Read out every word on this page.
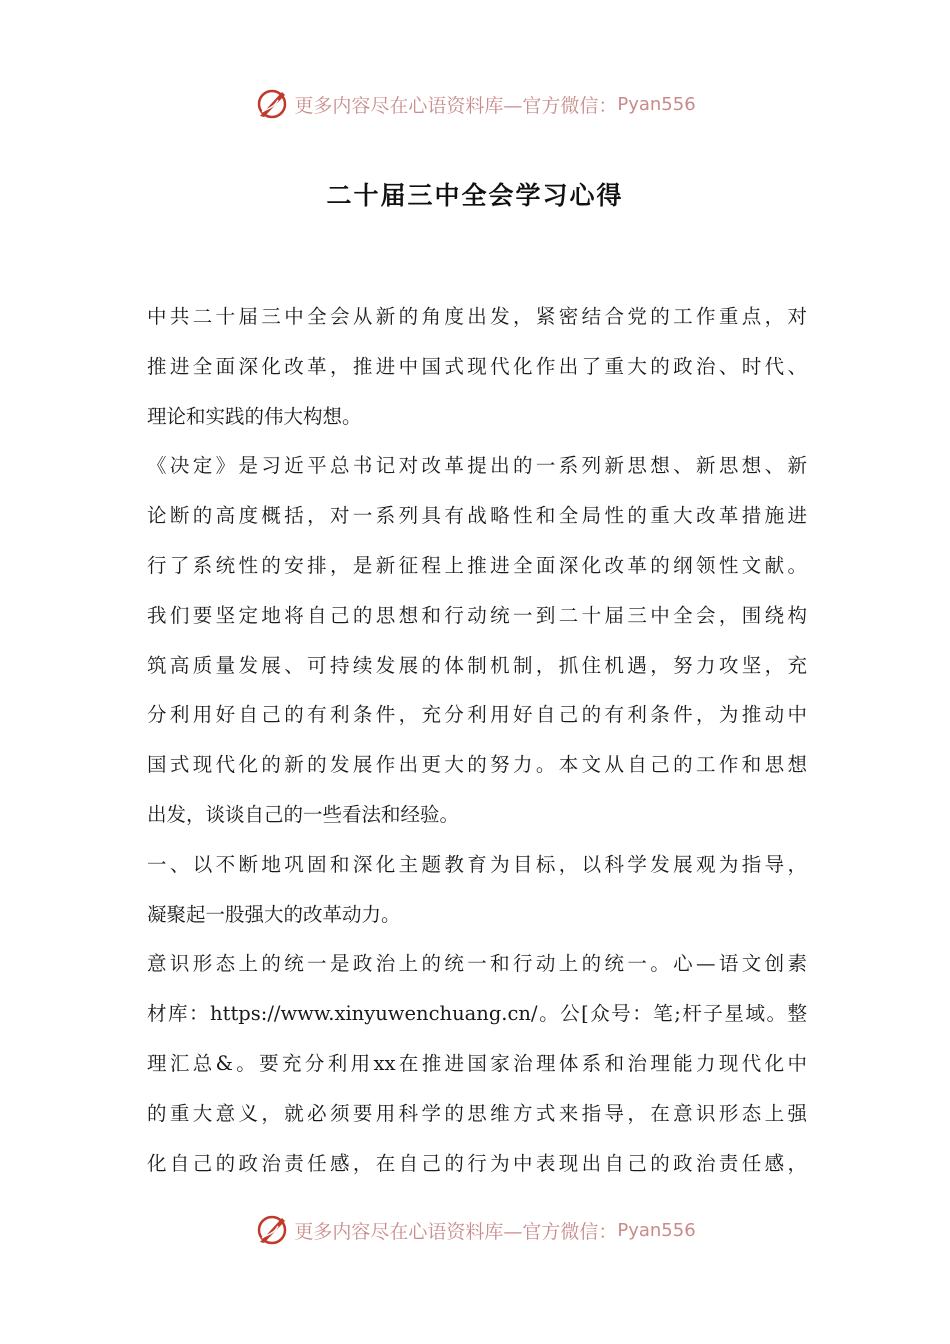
更多内容尽在心语资料库—官方微信： Pyan556
二十届三中全会学习心得
中共二十届三中全会从新的角度出发，紧密结合党的工作重点，对
推进全面深化改革，推进中国式现代化作出了重大的政治、时代、
理论和实践的伟大构想。
《决定》是习近平总书记对改革提出的一系列新思想、新思想、新
论断的高度概括，对一系列具有战略性和全局性的重大改革措施进
行了系统性的安排，是新征程上推进全面深化改革的纲领性文献。
我们要坚定地将自己的思想和行动统一到二十届三中全会，围绕构
筑高质量发展、可持续发展的体制机制，抓住机遇，努力攻坚，充
分利用好自己的有利条件，充分利用好自己的有利条件，为推动中
国式现代化的新的发展作出更大的努力。本文从自己的工作和思想
出发，谈谈自己的一些看法和经验。
一、以不断地巩固和深化主题教育为目标，以科学发展观为指导，
凝聚起一股强大的改革动力。
意识形态上的统一是政治上的统一和行动上的统一。心—语文创素
材库：https://www.xinyuwenchuang.cn/。公[众号：笔;杆子星域。整
理汇总&。要充分利用xx在推进国家治理体系和治理能力现代化中
的重大意义，就必须要用科学的思维方式来指导，在意识形态上强
化自己的政治责任感，在自己的行为中表现出自己的政治责任感，
更多内容尽在心语资料库—官方微信： Pyan556
